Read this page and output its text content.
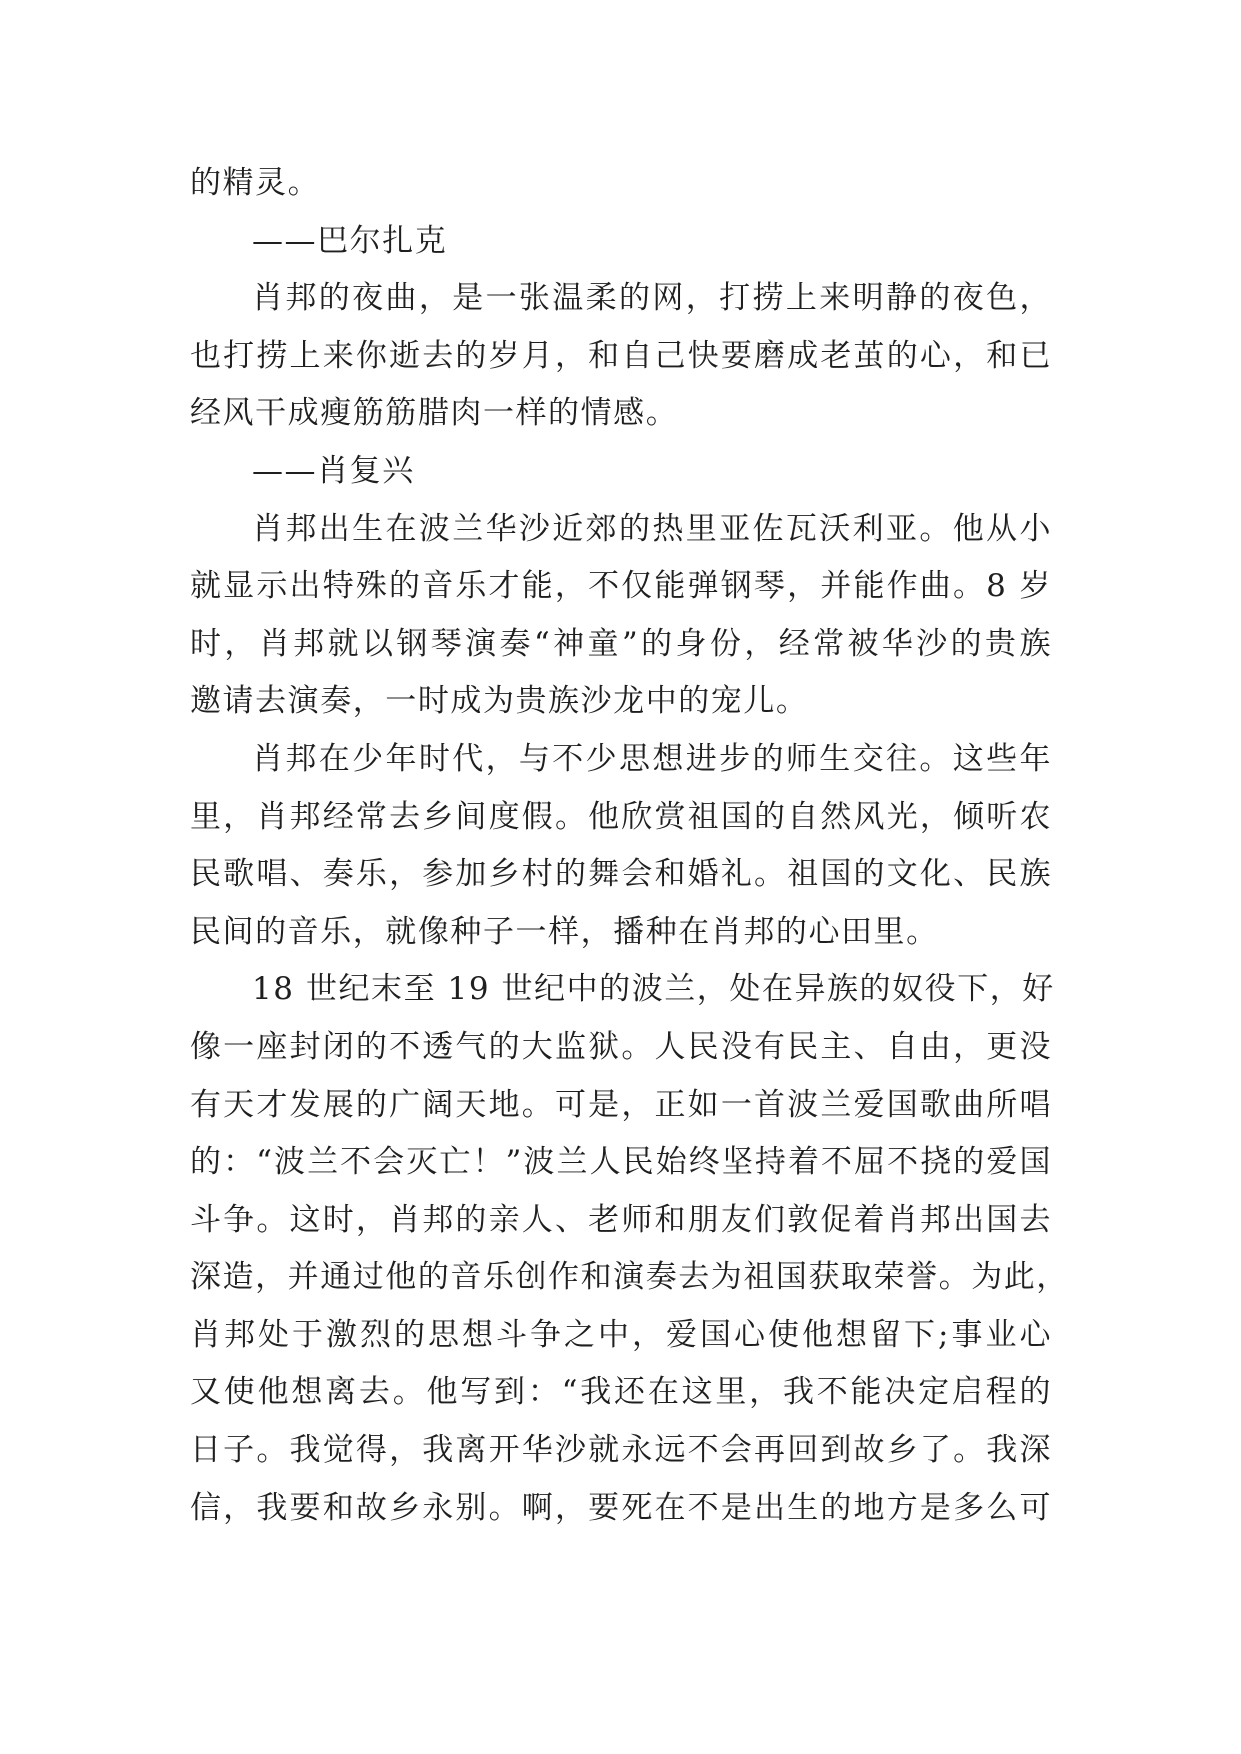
的精灵。
——巴尔扎克
肖邦的夜曲，是一张温柔的网，打捞上来明静的夜色，
也打捞上来你逝去的岁月，和自己快要磨成老茧的心，和已
经风干成瘦筋筋腊肉一样的情感。
——肖复兴
肖邦出生在波兰华沙近郊的热里亚佐瓦沃利亚。他从小
就显示出特殊的音乐才能，不仅能弹钢琴，并能作曲。8 岁
时，肖邦就以钢琴演奏“神童”的身份，经常被华沙的贵族
邀请去演奏，一时成为贵族沙龙中的宠儿。
肖邦在少年时代，与不少思想进步的师生交往。这些年
里，肖邦经常去乡间度假。他欣赏祖国的自然风光，倾听农
民歌唱、奏乐，参加乡村的舞会和婚礼。祖国的文化、民族
民间的音乐，就像种子一样，播种在肖邦的心田里。
18 世纪末至 19 世纪中的波兰，处在异族的奴役下，好
像一座封闭的不透气的大监狱。人民没有民主、自由，更没
有天才发展的广阔天地。可是，正如一首波兰爱国歌曲所唱
的：“波兰不会灭亡！”波兰人民始终坚持着不屈不挠的爱国
斗争。这时，肖邦的亲人、老师和朋友们敦促着肖邦出国去
深造，并通过他的音乐创作和演奏去为祖国获取荣誉。为此，
肖邦处于激烈的思想斗争之中，爱国心使他想留下;事业心
又使他想离去。他写到：“我还在这里，我不能决定启程的
日子。我觉得，我离开华沙就永远不会再回到故乡了。我深
信，我要和故乡永别。啊，要死在不是出生的地方是多么可
